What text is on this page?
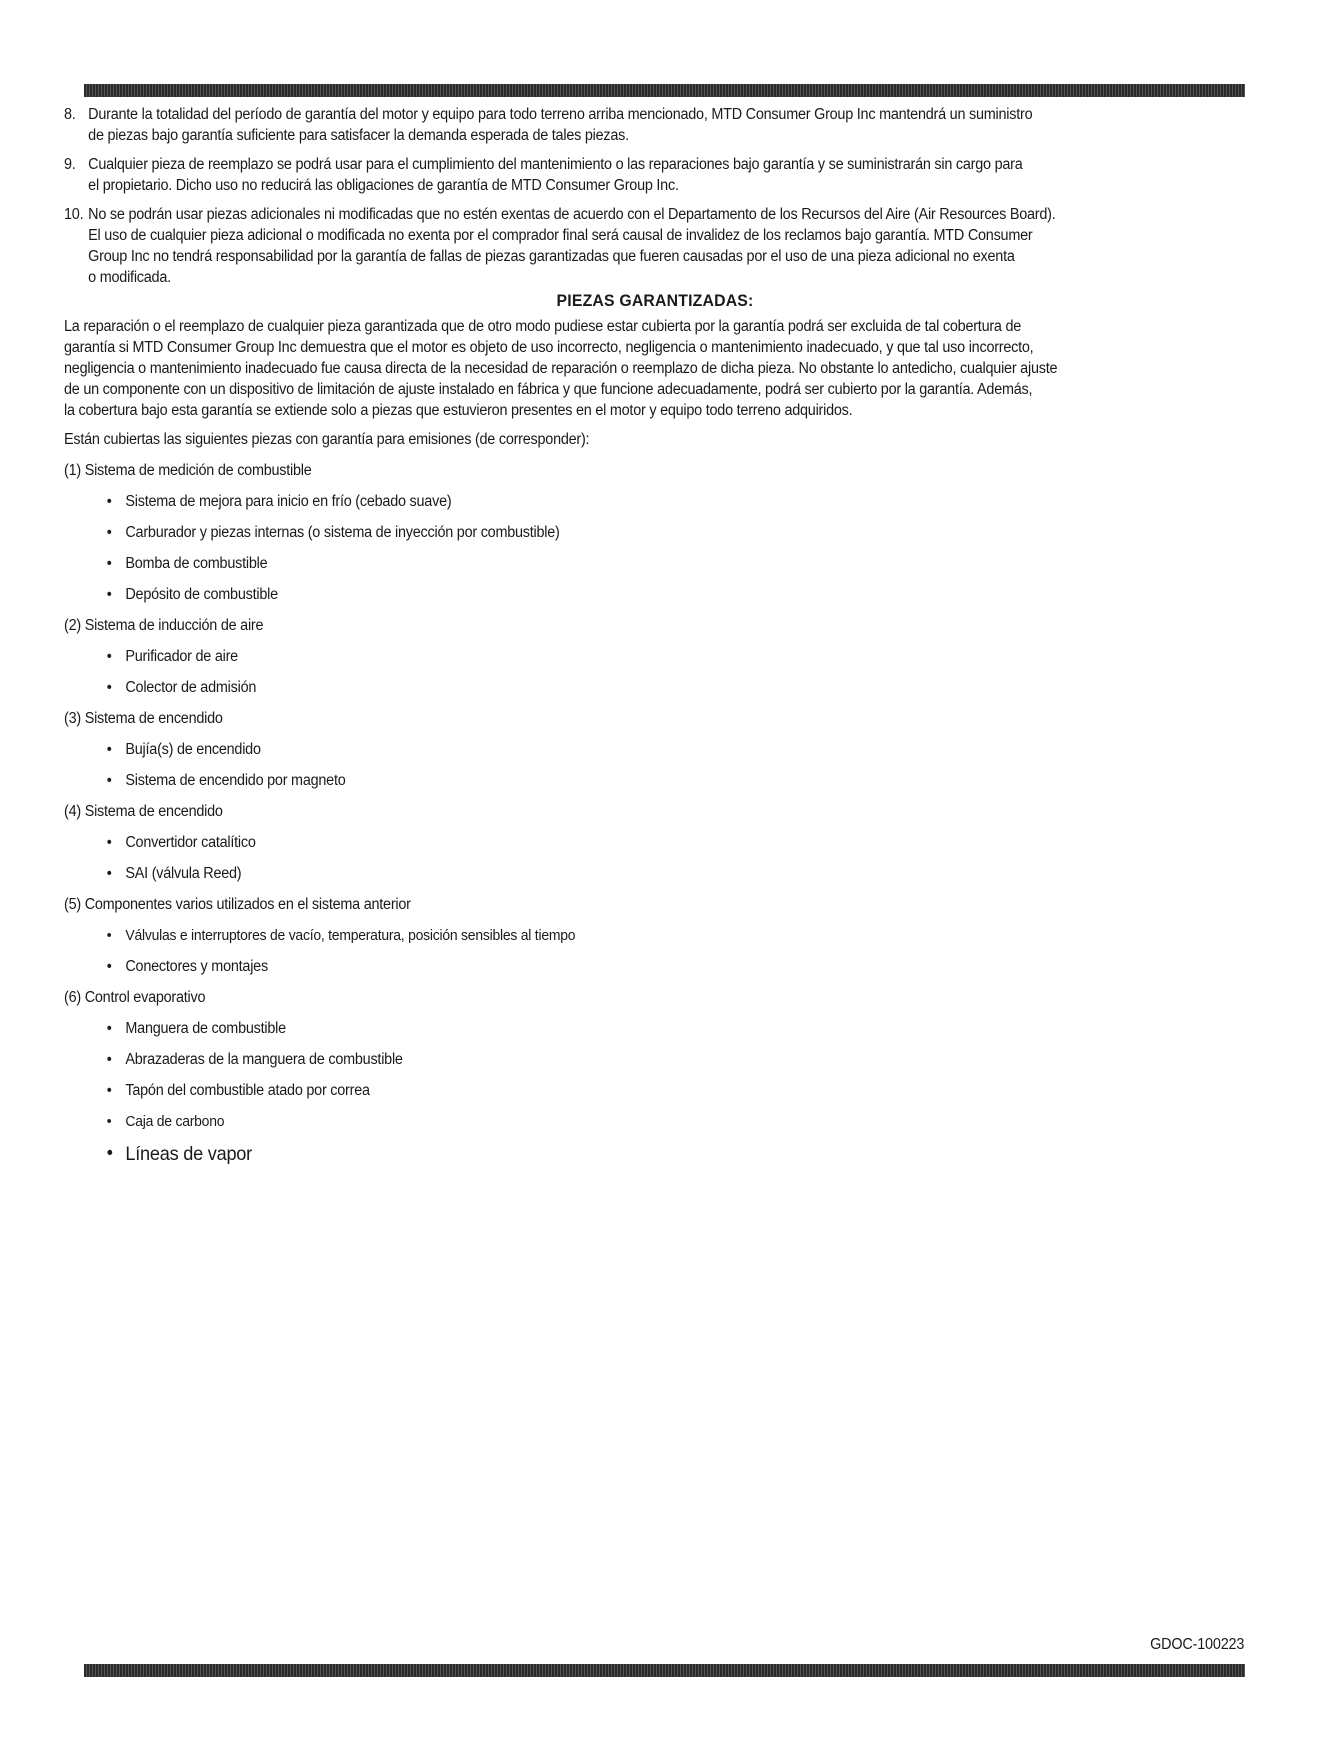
8. Durante la totalidad del período de garantía del motor y equipo para todo terreno arriba mencionado, MTD Consumer Group Inc mantendrá un suministro
de piezas bajo garantía suficiente para satisfacer la demanda esperada de tales piezas.
9. Cualquier pieza de reemplazo se podrá usar para el cumplimiento del mantenimiento o las reparaciones bajo garantía y se suministrarán sin cargo para
el propietario. Dicho uso no reducirá las obligaciones de garantía de MTD Consumer Group Inc.
10. No se podrán usar piezas adicionales ni modificadas que no estén exentas de acuerdo con el Departamento de los Recursos del Aire (Air Resources Board).
El uso de cualquier pieza adicional o modificada no exenta por el comprador final será causal de invalidez de los reclamos bajo garantía. MTD Consumer
Group Inc no tendrá responsabilidad por la garantía de fallas de piezas garantizadas que fueren causadas por el uso de una pieza adicional no exenta
o modificada.
PIEZAS GARANTIZADAS:

La reparación o el reemplazo de cualquier pieza garantizada que de otro modo pudiese estar cubierta por la garantía podrá ser excluida de tal cobertura de
garantía si MTD Consumer Group Inc demuestra que el motor es objeto de uso incorrecto, negligencia o mantenimiento inadecuado, y que tal uso incorrecto,
negligencia o mantenimiento inadecuado fue causa directa de la necesidad de reparación o reemplazo de dicha pieza. No obstante lo antedicho, cualquier ajuste
de un componente con un dispositivo de limitación de ajuste instalado en fábrica y que funcione adecuadamente, podrá ser cubierto por la garantía. Además,
la cobertura bajo esta garantía se extiende solo a piezas que estuvieron presentes en el motor y equipo todo terreno adquiridos.

Están cubiertas las siguientes piezas con garantía para emisiones (de corresponder):

(1) Sistema de medición de combustible
• Sistema de mejora para inicio en frío (cebado suave)
• Carburador y piezas internas (o sistema de inyección por combustible)
• Bomba de combustible
• Depósito de combustible
(2) Sistema de inducción de aire
• Purificador de aire
• Colector de admisión
(3) Sistema de encendido
• Bujía(s) de encendido
• Sistema de encendido por magneto
(4) Sistema de encendido
• Convertidor catalítico
• SAI (válvula Reed)
(5) Componentes varios utilizados en el sistema anterior
• Válvulas e interruptores de vacío, temperatura, posición sensibles al tiempo
• Conectores y montajes
(6) Control evaporativo
• Manguera de combustible
• Abrazaderas de la manguera de combustible
• Tapón del combustible atado por correa
• Caja de carbono
• Líneas de vapor
GDOC-100223
